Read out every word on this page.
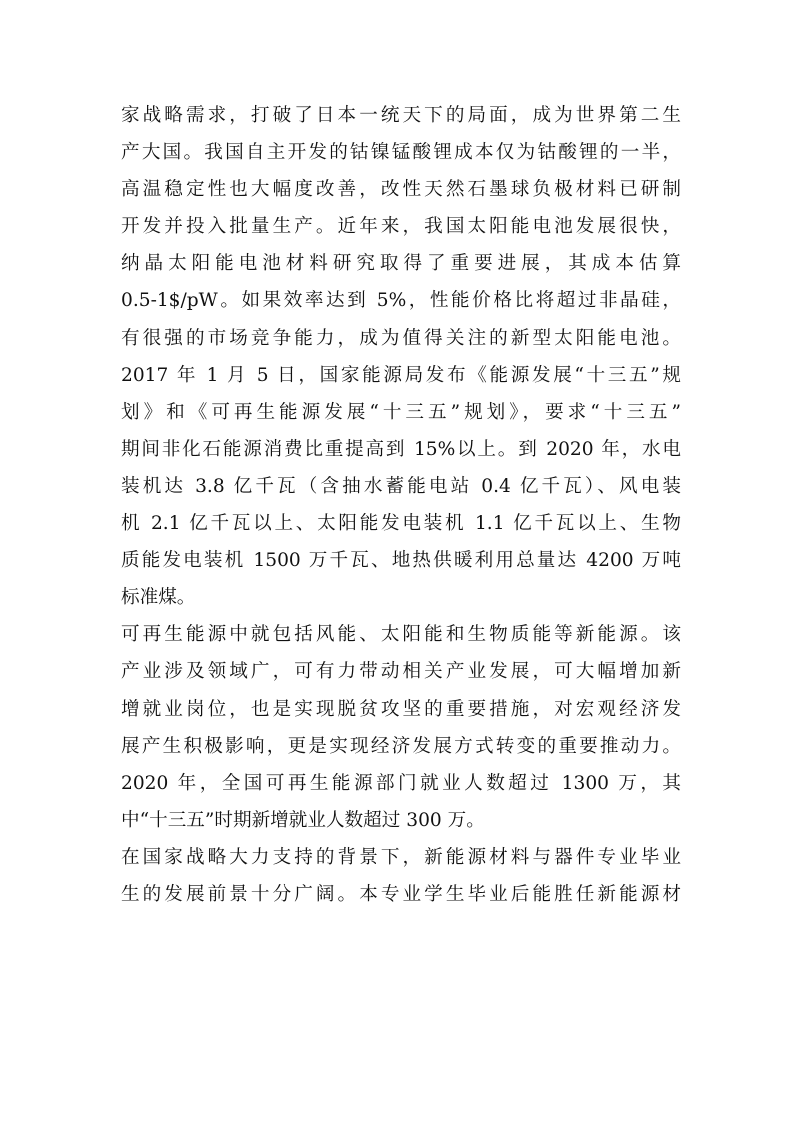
家战略需求，打破了日本一统天下的局面，成为世界第二生
产大国。我国自主开发的钴镍锰酸锂成本仅为钴酸锂的一半，
高温稳定性也大幅度改善，改性天然石墨球负极材料已研制
开发并投入批量生产。近年来，我国太阳能电池发展很快，
纳晶太阳能电池材料研究取得了重要进展，其成本估算
0.5-1$/pW。如果效率达到 5%，性能价格比将超过非晶硅，
有很强的市场竞争能力，成为值得关注的新型太阳能电池。
2017 年 1 月 5 日，国家能源局发布《能源发展“十三五”规
划》和《可再生能源发展“十三五”规划》，要求“十三五”
期间非化石能源消费比重提高到 15%以上。到 2020 年，水电
装机达 3.8 亿千瓦（含抽水蓄能电站 0.4 亿千瓦）、风电装
机 2.1 亿千瓦以上、太阳能发电装机 1.1 亿千瓦以上、生物
质能发电装机 1500 万千瓦、地热供暖利用总量达 4200 万吨
标准煤。
可再生能源中就包括风能、太阳能和生物质能等新能源。该
产业涉及领域广，可有力带动相关产业发展，可大幅增加新
增就业岗位，也是实现脱贫攻坚的重要措施，对宏观经济发
展产生积极影响，更是实现经济发展方式转变的重要推动力。
2020 年，全国可再生能源部门就业人数超过 1300 万，其
中“十三五”时期新增就业人数超过 300 万。
在国家战略大力支持的背景下，新能源材料与器件专业毕业
生的发展前景十分广阔。本专业学生毕业后能胜任新能源材
